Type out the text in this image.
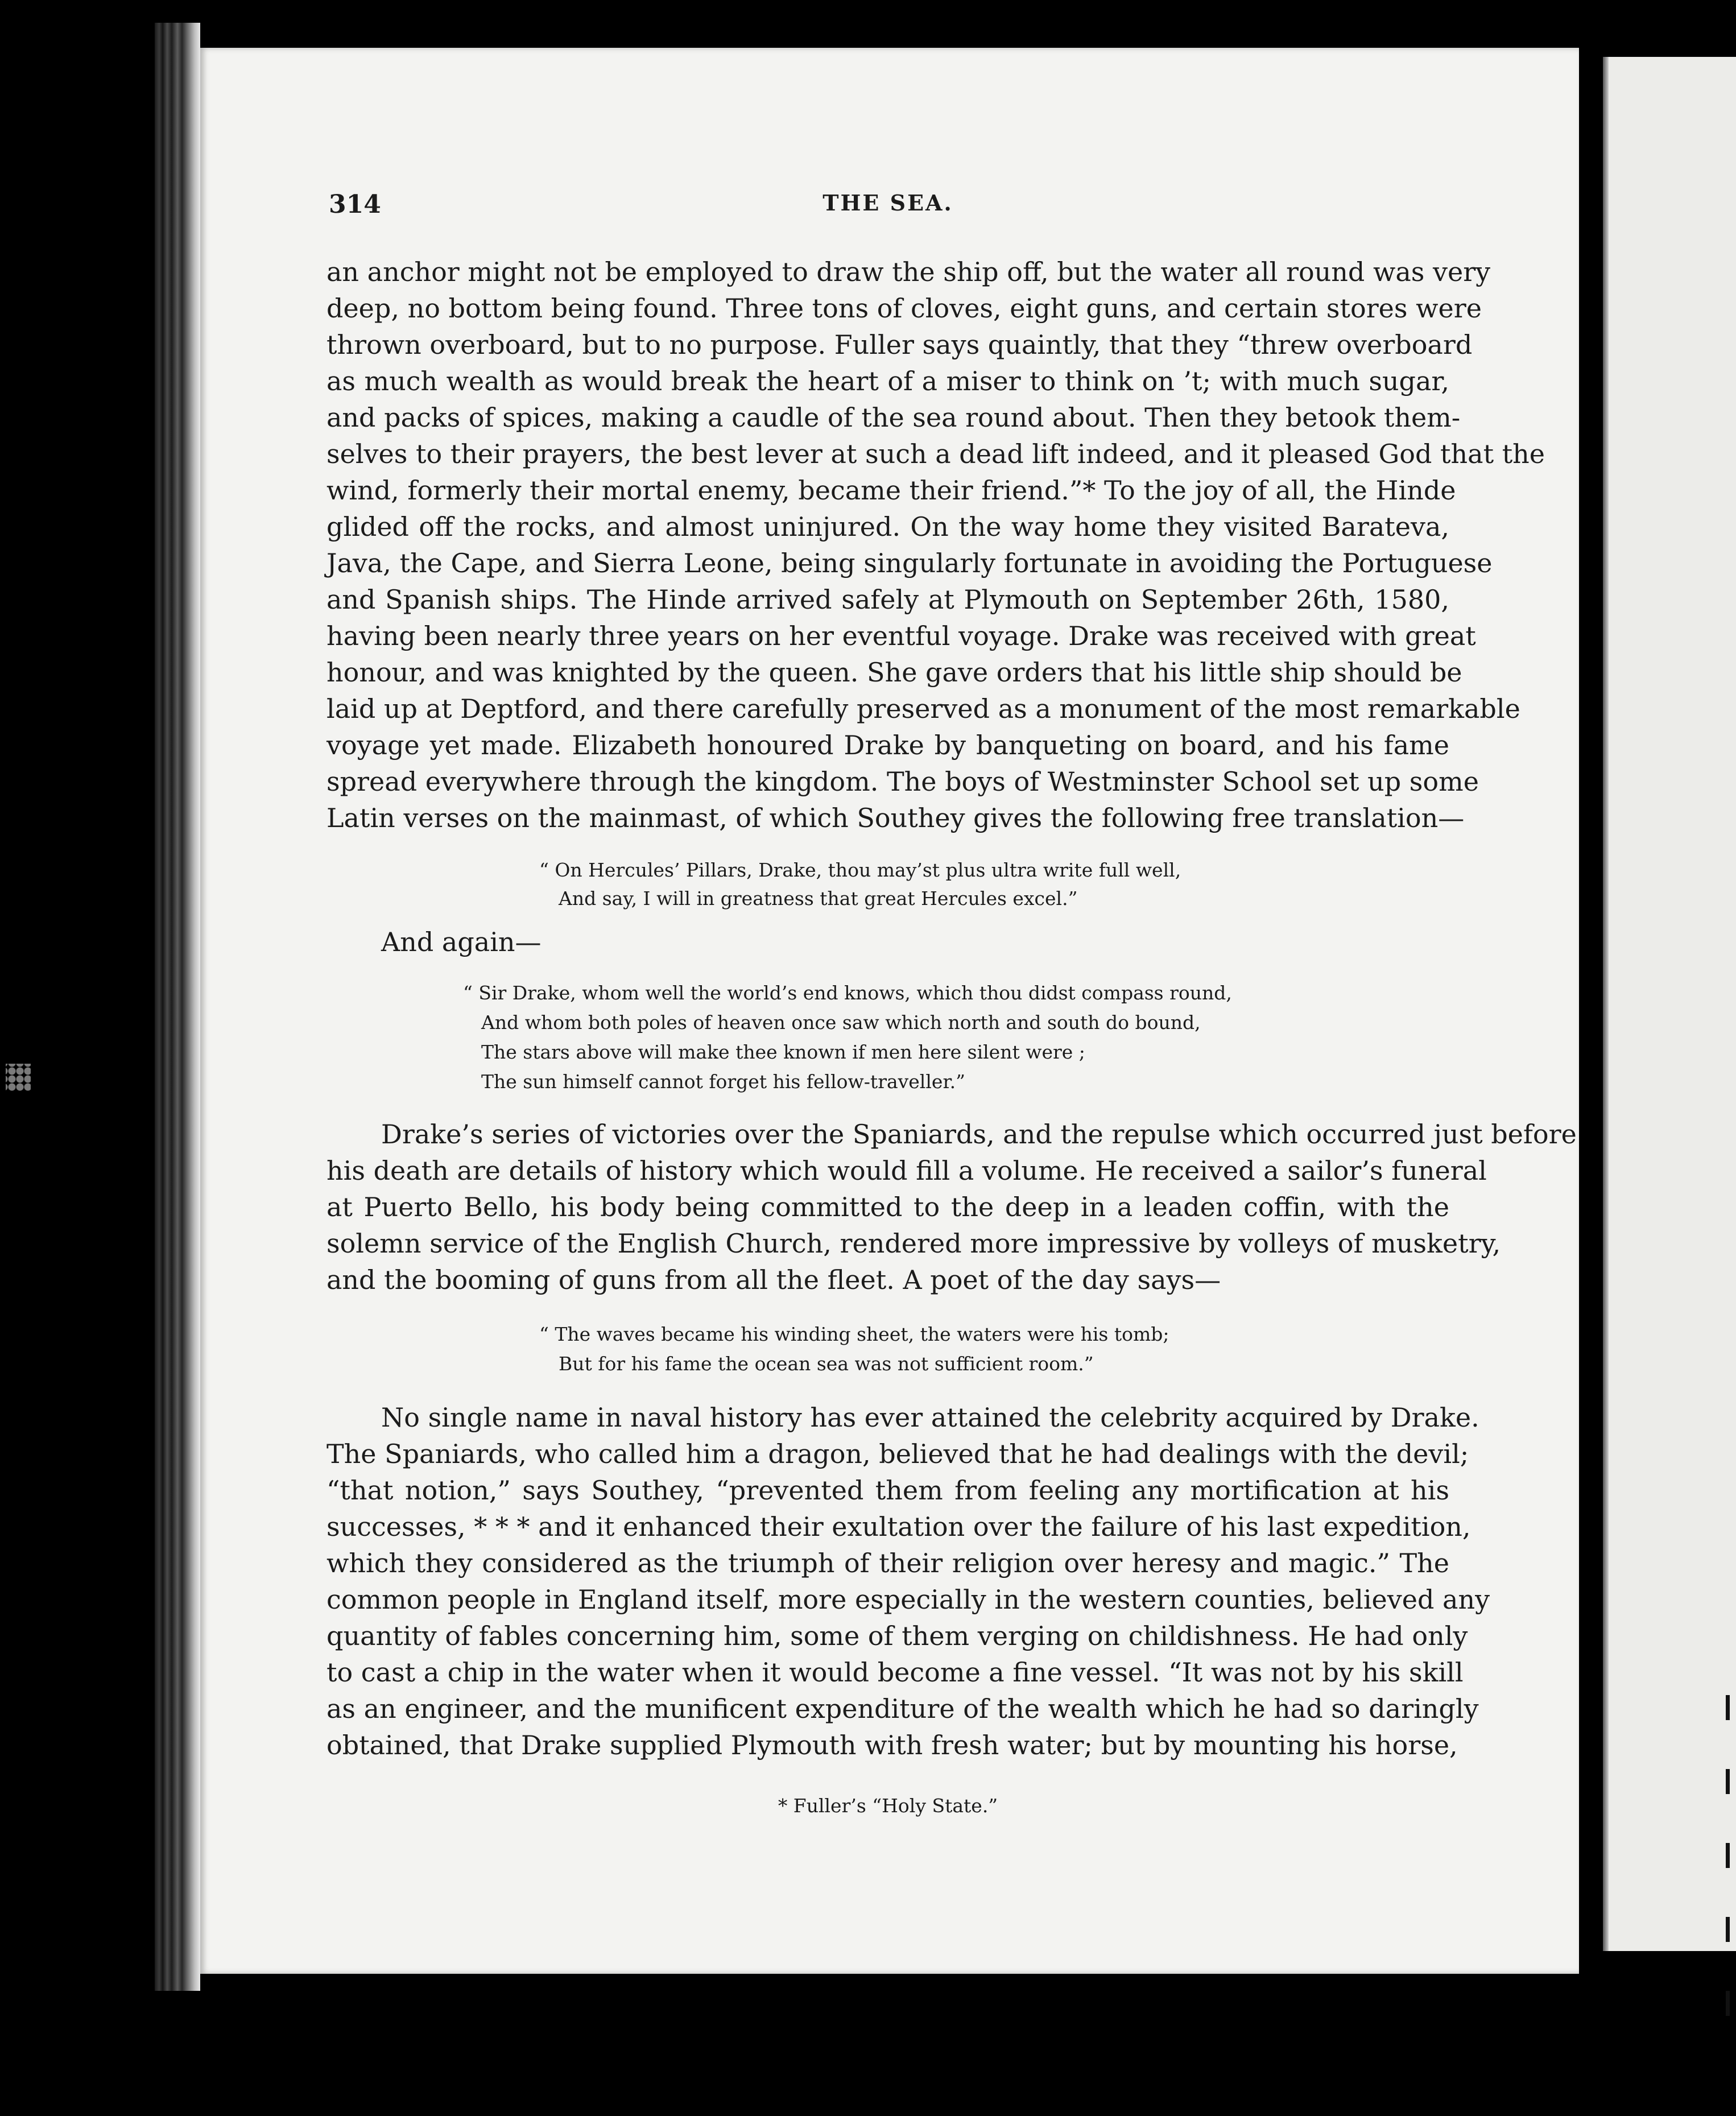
314	THE SEA.
an anchor might not be employed to draw the ship off, but the water all round was very
deep, no bottom being found. Three tons of cloves, eight guns, and certain stores were
thrown overboard, but to no purpose. Fuller says quaintly, that they “threw overboard
as much wealth as would break the heart of a miser to think on ’t; with much sugar,
and packs of spices, making a caudle of the sea round about. Then they betook them-
selves to their prayers, the best lever at such a dead lift indeed, and it pleased God that the
wind, formerly their mortal enemy, became their friend.”* To the joy of all, the Hinde
glided off the rocks, and almost uninjured. On the way home they visited Barateva,
Java, the Cape, and Sierra Leone, being singularly fortunate in avoiding the Portuguese
and Spanish ships. The Hinde arrived safely at Plymouth on September 26th, 1580,
having been nearly three years on her eventful voyage. Drake was received with great
honour, and was knighted by the queen. She gave orders that his little ship should be
laid up at Deptford, and there carefully preserved as a monument of the most remarkable
voyage yet made. Elizabeth honoured Drake by banqueting on board, and his fame
spread everywhere through the kingdom. The boys of Westminster School set up some
Latin verses on the mainmast, of which Southey gives the following free translation—
“ On Hercules’ Pillars, Drake, thou may’st plus ultra write full well,
And say, I will in greatness that great Hercules excel.”
And again—
“ Sir Drake, whom well the world’s end knows, which thou didst compass round,
And whom both poles of heaven once saw which north and south do bound,
The stars above will make thee known if men here silent were ;
The sun himself cannot forget his fellow-traveller.”
Drake’s series of victories over the Spaniards, and the repulse which occurred just before
his death are details of history which would fill a volume. He received a sailor’s funeral
at Puerto Bello, his body being committed to the deep in a leaden coffin, with the
solemn service of the English Church, rendered more impressive by volleys of musketry,
and the booming of guns from all the fleet. A poet of the day says—
“ The waves became his winding sheet, the waters were his tomb;
But for his fame the ocean sea was not sufficient room.”
No single name in naval history has ever attained the celebrity acquired by Drake.
The Spaniards, who called him a dragon, believed that he had dealings with the devil;
“that notion,” says Southey, “prevented them from feeling any mortification at his
successes, * * * and it enhanced their exultation over the failure of his last expedition,
which they considered as the triumph of their religion over heresy and magic.” The
common people in England itself, more especially in the western counties, believed any
quantity of fables concerning him, some of them verging on childishness. He had only
to cast a chip in the water when it would become a fine vessel. “It was not by his skill
as an engineer, and the munificent expenditure of the wealth which he had so daringly
obtained, that Drake supplied Plymouth with fresh water; but by mounting his horse,
* Fuller’s “Holy State.”
